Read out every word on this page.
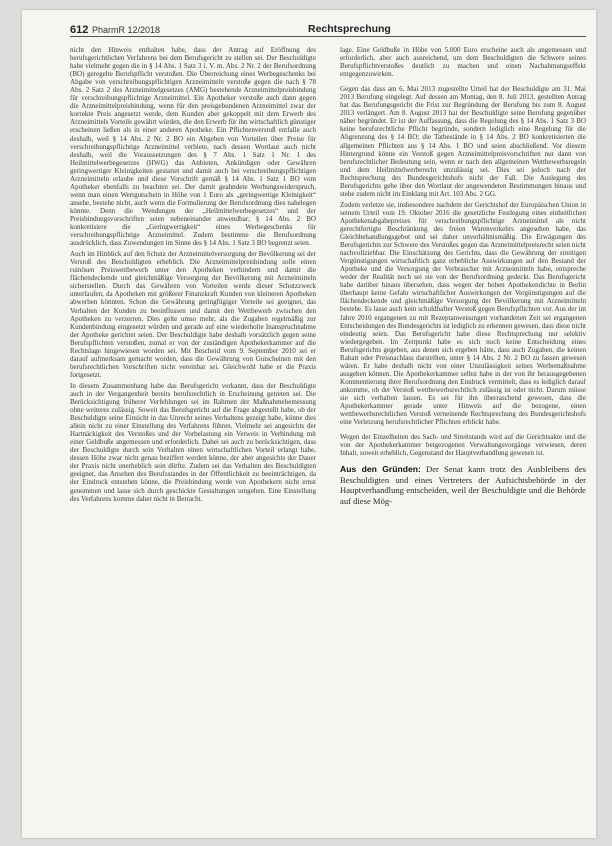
612 PharmR 12/2018	Rechtsprechung

nicht den Hinweis enthalten habe, dass der Antrag auf Eröffnung des berufsgerichtlichen Verfahrens bei dem Berufsgericht zu stellen sei. Der Beschuldigte habe vielmehr gegen die in § 14 Abs. 1 Satz 3 i. V. m. Abs. 2 Nr. 2 der Berufsordnung (BO) geregelte Berufspflicht verstoßen. Die Überreichung eines Werbegeschenks bei Abgabe von verschreibungspflichtigen Arzneimitteln verstoße gegen die nach § 78 Abs. 2 Satz 2 des Arzneimittelgesetzes (AMG) bestehende Arzneimittelpreisbindung für verschreibungspflichtige Arzneimittel. Ein Apotheker verstoße auch dann gegen die Arzneimittelpreisbindung, wenn für den preisgebundenen Arzneimittel zwar der korrekte Preis angesetzt werde, dem Kunden aber gekoppelt mit dem Erwerb des Arzneimittels Vorteile gewährt würden, die den Erwerb für ihn wirtschaftlich günstiger erscheinen ließen als in einer anderen Apotheke. Ein Pflichtenverstoß entfalle auch deshalb, weil § 14 Abs. 2 Nr. 2 BO ein Abgeben von Vorteilen über Preise für verschreibungspflichtige Arzneimittel verbiete, nach dessen Wortlaut auch nicht deshalb, weil die Voraussetzungen des § 7 Abs. 1 Satz 1 Nr. 1 des Heilmittelwerbegesetzes (HWG) das Anbieten, Ankündigen oder Gewähren geringwertiger Kleinigkeiten gestattet und damit auch bei verschreibungspflichtigen Arzneimitteln erlaube und diese Vorschrift gemäß § 14 Abs. 1 Satz 1 BO vom Apotheker ebenfalls zu beachten sei. Der damit geahndete Werbungswiderspruch, wenn man einen Wertgutschein in Höhe von 1 Euro als „geringwertige Kleinigkeit“ ansehe, bestehe nicht, auch wenn die Formulierung der Berufsordnung dies nahelegen könnte. Denn die Wendungen der „Heilmittelwerbegesetzes“ und der Preisbindungsvorschriften seien nebeneinander anwendbar; § 14 Abs. 2 BO konkretisiere die „Geringwertigkeit“ eines Werbegeschenks für verschreibungspflichtige Arzneimittel. Zudem bestimme die Berufsordnung ausdrücklich, dass Zuwendungen im Sinne des § 14 Abs. 1 Satz 3 BO begrenzt seien.

Auch im Hinblick auf den Schutz der Arzneimittelversorgung der Bevölkerung sei der Verstoß des Beschuldigten erheblich. Die Arzneimittelpreisbindung solle einen ruinösen Preiswettbewerb unter den Apotheken verhindern und damit die flächendeckende und gleichmäßige Versorgung der Bevölkerung mit Arzneimitteln sicherstellen. Durch das Gewähren von Vorteilen werde dieser Schutzzweck unterlaufen, da Apotheken mit größerer Finanzkraft Kunden von kleineren Apotheken abwerben könnten. Schon die Gewährung geringfügiger Vorteile sei geeignet, das Verhalten der Kunden zu beeinflussen und damit den Wettbewerb zwischen den Apotheken zu verzerren. Dies gelte umso mehr, als die Zugaben regelmäßig zur Kundenbindung eingesetzt würden und gerade auf eine wiederholte Inanspruchnahme der Apotheke gerichtet seien. Der Beschuldigte habe deshalb vorsätzlich gegen seine Berufspflichten verstoßen, zumal er von der zuständigen Apothekerkammer auf die Rechtslage hingewiesen worden sei. Mit Bescheid vom 9. September 2010 sei er darauf aufmerksam gemacht worden, dass die Gewährung von Gutscheinen mit den berufsrechtlichen Vorschriften nicht vereinbar sei. Gleichwohl habe er die Praxis fortgesetzt.

In diesem Zusammenhang habe das Berufsgericht verkannt, dass der Beschuldigte auch in der Vergangenheit bereits berufsrechtlich in Erscheinung getreten sei. Die Berücksichtigung früherer Verfehlungen sei im Rahmen der Maßnahmebemessung ohne weiteres zulässig. Soweit das Berufsgericht auf die Frage abgestellt habe, ob der Beschuldigte seine Einsicht in das Unrecht seines Verhaltens gezeigt habe, könne dies allein nicht zu einer Einstellung des Verfahrens führen. Vielmehr sei angesichts der Hartnäckigkeit des Verstoßes und der Vorbelastung ein Verweis in Verbindung mit einer Geldbuße angemessen und erforderlich. Dabei sei auch zu berücksichtigen, dass der Beschuldigte durch sein Verhalten einen wirtschaftlichen Vorteil erlangt habe, dessen Höhe zwar nicht genau beziffert werden könne, der aber angesichts der Dauer der Praxis nicht unerheblich sein dürfte. Zudem sei das Verhalten des Beschuldigten geeignet, das Ansehen des Berufsstandes in der Öffentlichkeit zu beeinträchtigen, da der Eindruck entstehen könne, die Preisbindung werde von Apothekern nicht ernst genommen und lasse sich durch geschickte Gestaltungen umgehen. Eine Einstellung des Verfahrens komme daher nicht in Betracht.

lage. Eine Geldbuße in Höhe von 5.000 Euro erscheine auch als angemessen und erforderlich, aber auch ausreichend, um dem Beschuldigten die Schwere seines Berufspflichtverstoßes deutlich zu machen und einen Nachahmungseffekt entgegenzuwirken.

Gegen das dass am 6. Mai 2013 zugestellte Urteil hat der Beschuldigte am 31. Mai 2013 Berufung eingelegt. Auf dessen am Montag, den 8. Juli 2013, gestellten Antrag hat das Berufungsgericht die Frist zur Begründung der Berufung bis zum 8. August 2013 verlängert. Am 8. August 2013 hat der Beschuldigte seine Berufung gegenüber näher begründet. Er ist der Auffassung, dass die Regelung des § 14 Abs. 1 Satz 3 BO keine berufsrechtliche Pflicht begründe, sondern lediglich eine Regelung für die Abgrenzung des § 14 BO; die Tatbestände in § 14 Abs. 2 BO konkretisierten die allgemeinen Pflichten aus § 14 Abs. 1 BO und seien abschließend. Vor diesem Hintergrund könne ein Verstoß gegen Arzneimittelpreisvorschriften nur dann von berufsrechtlicher Bedeutung sein, wenn er nach den allgemeinen Wettbewerbsregeln und dem Heilmittelwerberecht unzulässig sei. Dies sei jedoch nach der Rechtsprechung des Bundesgerichtshofs nicht der Fall. Die Auslegung des Berufsgerichts gehe über den Wortlaut der angewendeten Bestimmungen hinaus und stehe zudem nicht im Einklang mit Art. 103 Abs. 2 GG.

Zudem verletze sie, insbesondere nachdem der Gerichtshof der Europäischen Union in seinem Urteil vom 19. Oktober 2016 die gesetzliche Festlegung eines einheitlichen Apothekenabgabepreises für verschreibungspflichtige Arzneimittel als nicht gerechtfertigte Beschränkung des freien Warenverkehrs angesehen habe, das Gleichbehandlungsgebot und sei daher unverhältnismäßig. Die Erwägungen des Berufsgerichts zur Schwere des Verstoßes gegen das Arzneimittelpreisrecht seien nicht nachvollziehbar. Die Einschätzung des Gerichts, dass die Gewährung der streitigen Vergünstigungen wirtschaftlich ganz erhebliche Auswirkungen auf den Bestand der Apotheke und die Versorgung der Verbraucher mit Arzneimitteln habe, entspreche weder der Realität noch sei sie von der Berufsordnung gedeckt. Das Berufsgericht habe darüber hinaus übersehen, dass wegen der hohen Apothekendichte in Berlin überhaupt keine Gefahr wirtschaftlicher Auswirkungen der Vergünstigungen auf die flächendeckende und gleichmäßige Versorgung der Bevölkerung mit Arzneimitteln bestehe. Es lasse auch kein schuldhafter Verstoß gegen Berufspflichten vor. Aus der im Jahre 2010 ergangenen zu mit Rezeptanweisungen vorhandenen Zeit sei ergangenen Entscheidungen des Bundesgerichts ist lediglich zu erkennen gewesen, dass diese nicht eindeutig seien. Das Berufsgericht habe diese Rechtsprechung nur selektiv wiedergegeben. Im Zeitpunkt habe es sich noch keine Entscheidung eines Berufsgerichts gegeben, aus denen sich ergeben hätte, dass auch Zugaben, die keinen Rabatt oder Preisnachlass darstellten, unter § 14 Abs. 2 Nr. 2 BO zu fassen gewesen wären. Er habe deshalb nicht von einer Unzulässigkeit seines Werbemaßnahme ausgehen können. Die Apothekerkammer selbst habe in der von ihr herausgegebenen Kommentierung ihrer Berufsordnung den Eindruck vermittelt, dass es lediglich darauf ankomme, ob der Verstoß wettbewerbsrechtlich zulässig ist oder nicht. Darum müsse sie sich verhalten lassen. Es sei für ihn überraschend gewesen, dass die Apothekerkammer gerade unter Hinweis auf die bezogene, einen wettbewerbsrechtlichen Verstoß verneinende Rechtsprechung des Bundesgerichtshofs eine Verletzung berufsrechtlicher Pflichten erblickt habe.

Wegen der Einzelheiten des Sach- und Streitstands wird auf die Gerichtsakte und die von der Apothekerkammer beigezogenen Verwaltungsvorgänge verwiesen, deren Inhalt, soweit erheblich, Gegenstand der Hauptverhandlung gewesen ist.

Aus den Gründen: Der Senat kann trotz des Ausbleibens des Beschuldigten und eines Vertreters der Aufsichtsbehörde in der Hauptverhandlung entscheiden, weil der Beschuldigte und die Behörde auf diese Mög-
